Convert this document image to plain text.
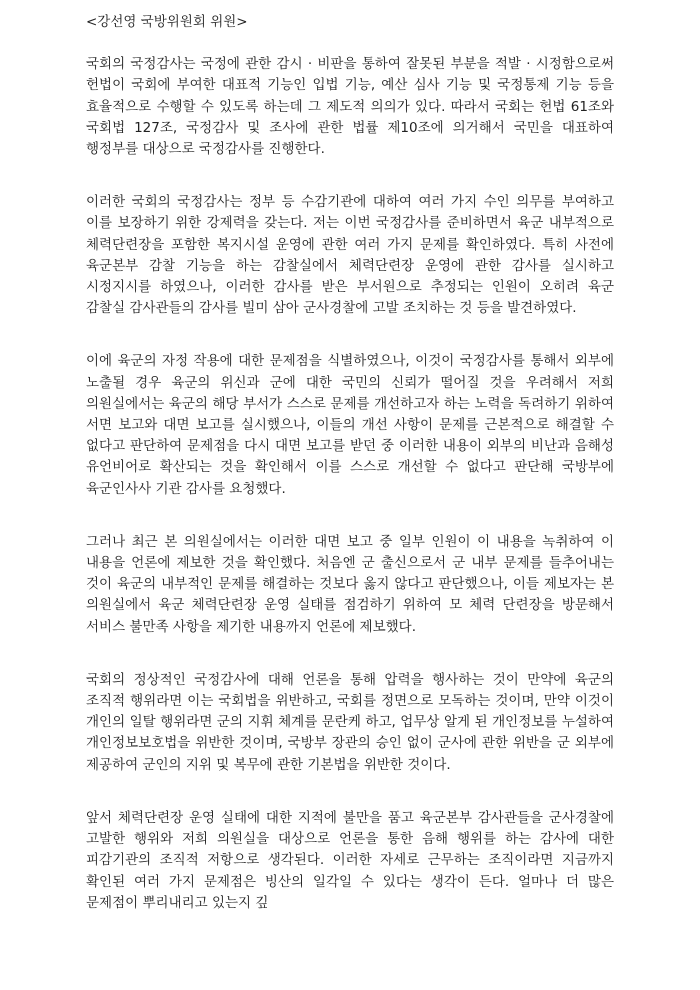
<강선영 국방위원회 위원>

국회의 국정감사는 국정에 관한 감시 · 비판을 통하여 잘못된 부분을 적발 · 시정함으로써 헌법이 국회에 부여한 대표적 기능인 입법 기능, 예산 심사 기능 및 국정통제 기능 등을 효율적으로 수행할 수 있도록 하는데 그 제도적 의의가 있다. 따라서 국회는 헌법 61조와 국회법 127조, 국정감사 및 조사에 관한 법률 제10조에 의거해서 국민을 대표하여 행정부를 대상으로 국정감사를 진행한다.

이러한 국회의 국정감사는 정부 등 수감기관에 대하여 여러 가지 수인 의무를 부여하고 이를 보장하기 위한 강제력을 갖는다. 저는 이번 국정감사를 준비하면서 육군 내부적으로 체력단련장을 포함한 복지시설 운영에 관한 여러 가지 문제를 확인하였다. 특히 사전에 육군본부 감찰 기능을 하는 감찰실에서 체력단련장 운영에 관한 감사를 실시하고 시정지시를 하였으나, 이러한 감사를 받은 부서원으로 추정되는 인원이 오히려 육군 감찰실 감사관들의 감사를 빌미 삼아 군사경찰에 고발 조치하는 것 등을 발견하였다.

이에 육군의 자정 작용에 대한 문제점을 식별하였으나, 이것이 국정감사를 통해서 외부에 노출될 경우 육군의 위신과 군에 대한 국민의 신뢰가 떨어질 것을 우려해서 저희 의원실에서는 육군의 해당 부서가 스스로 문제를 개선하고자 하는 노력을 독려하기 위하여 서면 보고와 대면 보고를 실시했으나, 이들의 개선 사항이 문제를 근본적으로 해결할 수 없다고 판단하여 문제점을 다시 대면 보고를 받던 중 이러한 내용이 외부의 비난과 음해성 유언비어로 확산되는 것을 확인해서 이를 스스로 개선할 수 없다고 판단해 국방부에 육군인사사 기관 감사를 요청했다.

그러나 최근 본 의원실에서는 이러한 대면 보고 중 일부 인원이 이 내용을 녹취하여 이 내용을 언론에 제보한 것을 확인했다. 처음엔 군 출신으로서 군 내부 문제를 들추어내는 것이 육군의 내부적인 문제를 해결하는 것보다 옳지 않다고 판단했으나, 이들 제보자는 본 의원실에서 육군 체력단련장 운영 실태를 점검하기 위하여 모 체력 단련장을 방문해서 서비스 불만족 사항을 제기한 내용까지 언론에 제보했다.

국회의 정상적인 국정감사에 대해 언론을 통해 압력을 행사하는 것이 만약에 육군의 조직적 행위라면 이는 국회법을 위반하고, 국회를 정면으로 모독하는 것이며, 만약 이것이 개인의 일탈 행위라면 군의 지휘 체계를 문란케 하고, 업무상 알게 된 개인정보를 누설하여 개인정보보호법을 위반한 것이며, 국방부 장관의 승인 없이 군사에 관한 위반을 군 외부에 제공하여 군인의 지위 및 복무에 관한 기본법을 위반한 것이다.

앞서 체력단련장 운영 실태에 대한 지적에 불만을 품고 육군본부 감사관들을 군사경찰에 고발한 행위와 저희 의원실을 대상으로 언론을 통한 음해 행위를 하는 감사에 대한 피감기관의 조직적 저항으로 생각된다. 이러한 자세로 근무하는 조직이라면 지금까지 확인된 여러 가지 문제점은 빙산의 일각일 수 있다는 생각이 든다. 얼마나 더 많은 문제점이 뿌리내리고 있는지 깊
